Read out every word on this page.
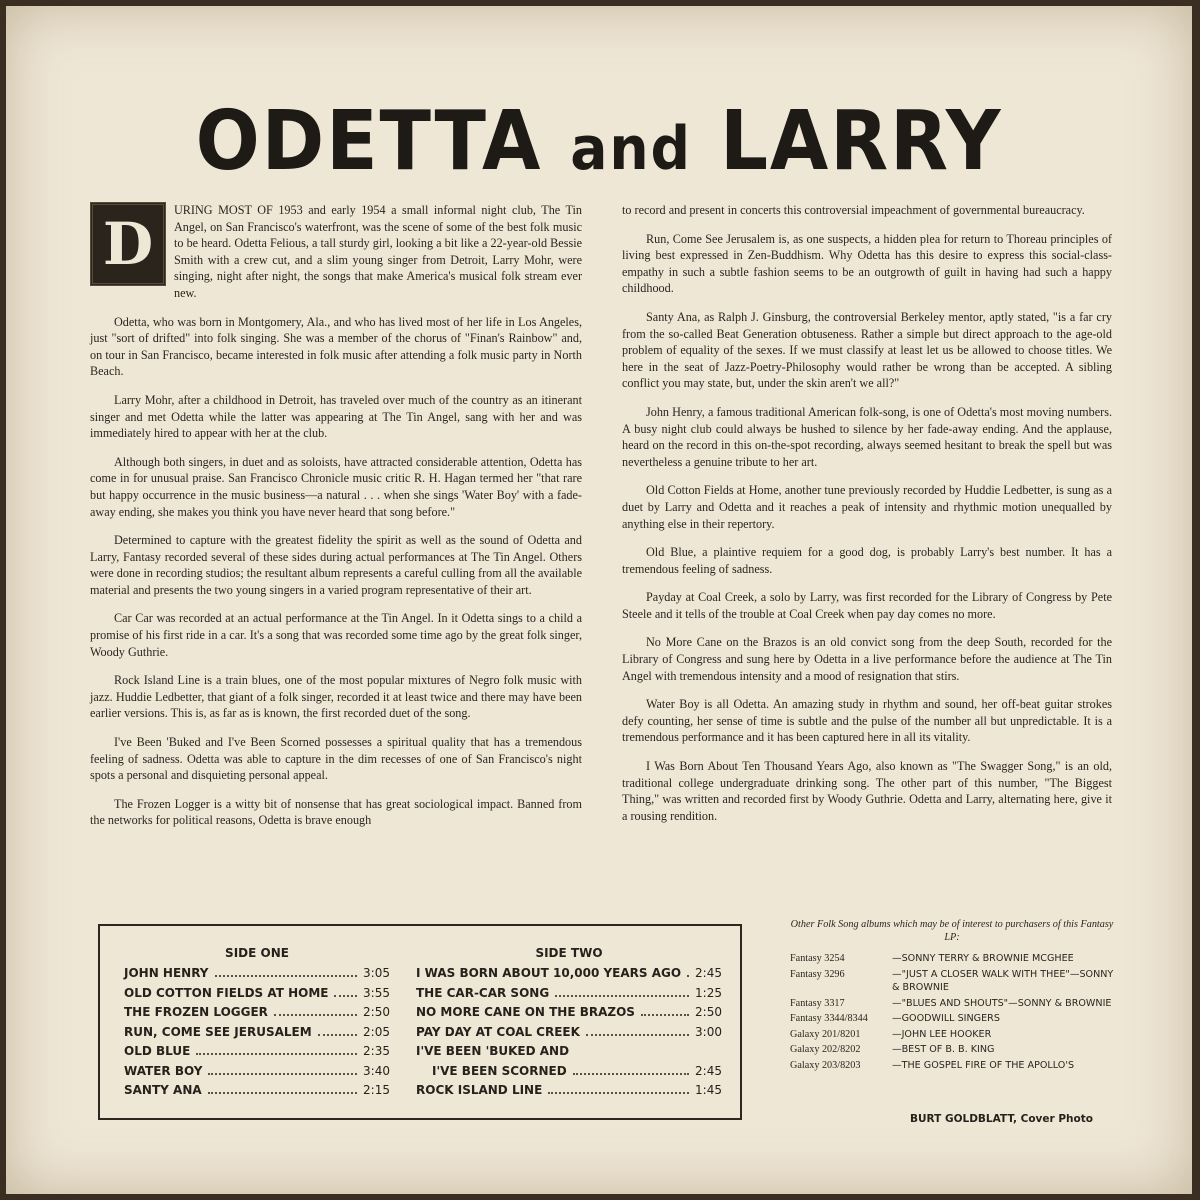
ODETTA and LARRY

D	URING MOST OF 1953 and early 1954 a small informal night club, The Tin Angel, on San Francisco's waterfront, was the scene of some of the best folk music to be heard. Odetta Felious, a tall sturdy girl, looking a bit like a 22-year-old Bessie Smith with a crew cut, and a slim young singer from Detroit, Larry Mohr, were singing, night after night, the songs that make America's musical folk stream ever new.

Odetta, who was born in Montgomery, Ala., and who has lived most of her life in Los Angeles, just "sort of drifted" into folk singing. She was a member of the chorus of "Finan's Rainbow" and, on tour in San Francisco, became interested in folk music after attending a folk music party in North Beach.

Larry Mohr, after a childhood in Detroit, has traveled over much of the country as an itinerant singer and met Odetta while the latter was appearing at The Tin Angel, sang with her and was immediately hired to appear with her at the club.

Although both singers, in duet and as soloists, have attracted considerable attention, Odetta has come in for unusual praise. San Francisco Chronicle music critic R. H. Hagan termed her "that rare but happy occurrence in the music business—a natural . . . when she sings 'Water Boy' with a fade-away ending, she makes you think you have never heard that song before."

Determined to capture with the greatest fidelity the spirit as well as the sound of Odetta and Larry, Fantasy recorded several of these sides during actual performances at The Tin Angel. Others were done in recording studios; the resultant album represents a careful culling from all the available material and presents the two young singers in a varied program representative of their art.

Car Car was recorded at an actual performance at the Tin Angel. In it Odetta sings to a child a promise of his first ride in a car. It's a song that was recorded some time ago by the great folk singer, Woody Guthrie.

Rock Island Line is a train blues, one of the most popular mixtures of Negro folk music with jazz. Huddie Ledbetter, that giant of a folk singer, recorded it at least twice and there may have been earlier versions. This is, as far as is known, the first recorded duet of the song.

I've Been 'Buked and I've Been Scorned possesses a spiritual quality that has a tremendous feeling of sadness. Odetta was able to capture in the dim recesses of one of San Francisco's night spots a personal and disquieting personal appeal.

The Frozen Logger is a witty bit of nonsense that has great sociological impact. Banned from the networks for political reasons, Odetta is brave enough

to record and present in concerts this controversial impeachment of governmental bureaucracy.

Run, Come See Jerusalem is, as one suspects, a hidden plea for return to Thoreau principles of living best expressed in Zen-Buddhism. Why Odetta has this desire to express this social-class-empathy in such a subtle fashion seems to be an outgrowth of guilt in having had such a happy childhood.

Santy Ana, as Ralph J. Ginsburg, the controversial Berkeley mentor, aptly stated, "is a far cry from the so-called Beat Generation obtuseness. Rather a simple but direct approach to the age-old problem of equality of the sexes. If we must classify at least let us be allowed to choose titles. We here in the seat of Jazz-Poetry-Philosophy would rather be wrong than be accepted. A sibling conflict you may state, but, under the skin aren't we all?"

John Henry, a famous traditional American folk-song, is one of Odetta's most moving numbers. A busy night club could always be hushed to silence by her fade-away ending. And the applause, heard on the record in this on-the-spot recording, always seemed hesitant to break the spell but was nevertheless a genuine tribute to her art.

Old Cotton Fields at Home, another tune previously recorded by Huddie Ledbetter, is sung as a duet by Larry and Odetta and it reaches a peak of intensity and rhythmic motion unequalled by anything else in their repertory.

Old Blue, a plaintive requiem for a good dog, is probably Larry's best number. It has a tremendous feeling of sadness.

Payday at Coal Creek, a solo by Larry, was first recorded for the Library of Congress by Pete Steele and it tells of the trouble at Coal Creek when pay day comes no more.

No More Cane on the Brazos is an old convict song from the deep South, recorded for the Library of Congress and sung here by Odetta in a live performance before the audience at The Tin Angel with tremendous intensity and a mood of resignation that stirs.

Water Boy is all Odetta. An amazing study in rhythm and sound, her off-beat guitar strokes defy counting, her sense of time is subtle and the pulse of the number all but unpredictable. It is a tremendous performance and it has been captured here in all its vitality.

I Was Born About Ten Thousand Years Ago, also known as "The Swagger Song," is an old, traditional college undergraduate drinking song. The other part of this number, "The Biggest Thing," was written and recorded first by Woody Guthrie. Odetta and Larry, alternating here, give it a rousing rendition.

SIDE ONE
JOHN HENRY	3:05
OLD COTTON FIELDS AT HOME	3:55
THE FROZEN LOGGER	2:50
RUN, COME SEE JERUSALEM	2:05
OLD BLUE	2:35
WATER BOY	3:40
SANTY ANA	2:15
SIDE TWO
I WAS BORN ABOUT 10,000 YEARS AGO 2:45
THE CAR-CAR SONG	1:25
NO MORE CANE ON THE BRAZOS	2:50
PAY DAY AT COAL CREEK	3:00
I'VE BEEN 'BUKED AND
I'VE BEEN SCORNED	2:45
ROCK ISLAND LINE	1:45
Other Folk Song albums which may be of interest to purchasers of this Fantasy LP:
Fantasy 3254	—SONNY TERRY & BROWNIE MCGHEE
Fantasy 3296	—"JUST A CLOSER WALK WITH THEE"—SONNY & BROWNIE
Fantasy 3317	—"BLUES AND SHOUTS"—SONNY & BROWNIE
Fantasy 3344/8344	—GOODWILL SINGERS
Galaxy 201/8201	—JOHN LEE HOOKER
Galaxy 202/8202	—BEST OF B. B. KING
Galaxy 203/8203	—THE GOSPEL FIRE OF THE APOLLO'S
BURT GOLDBLATT, Cover Photo
